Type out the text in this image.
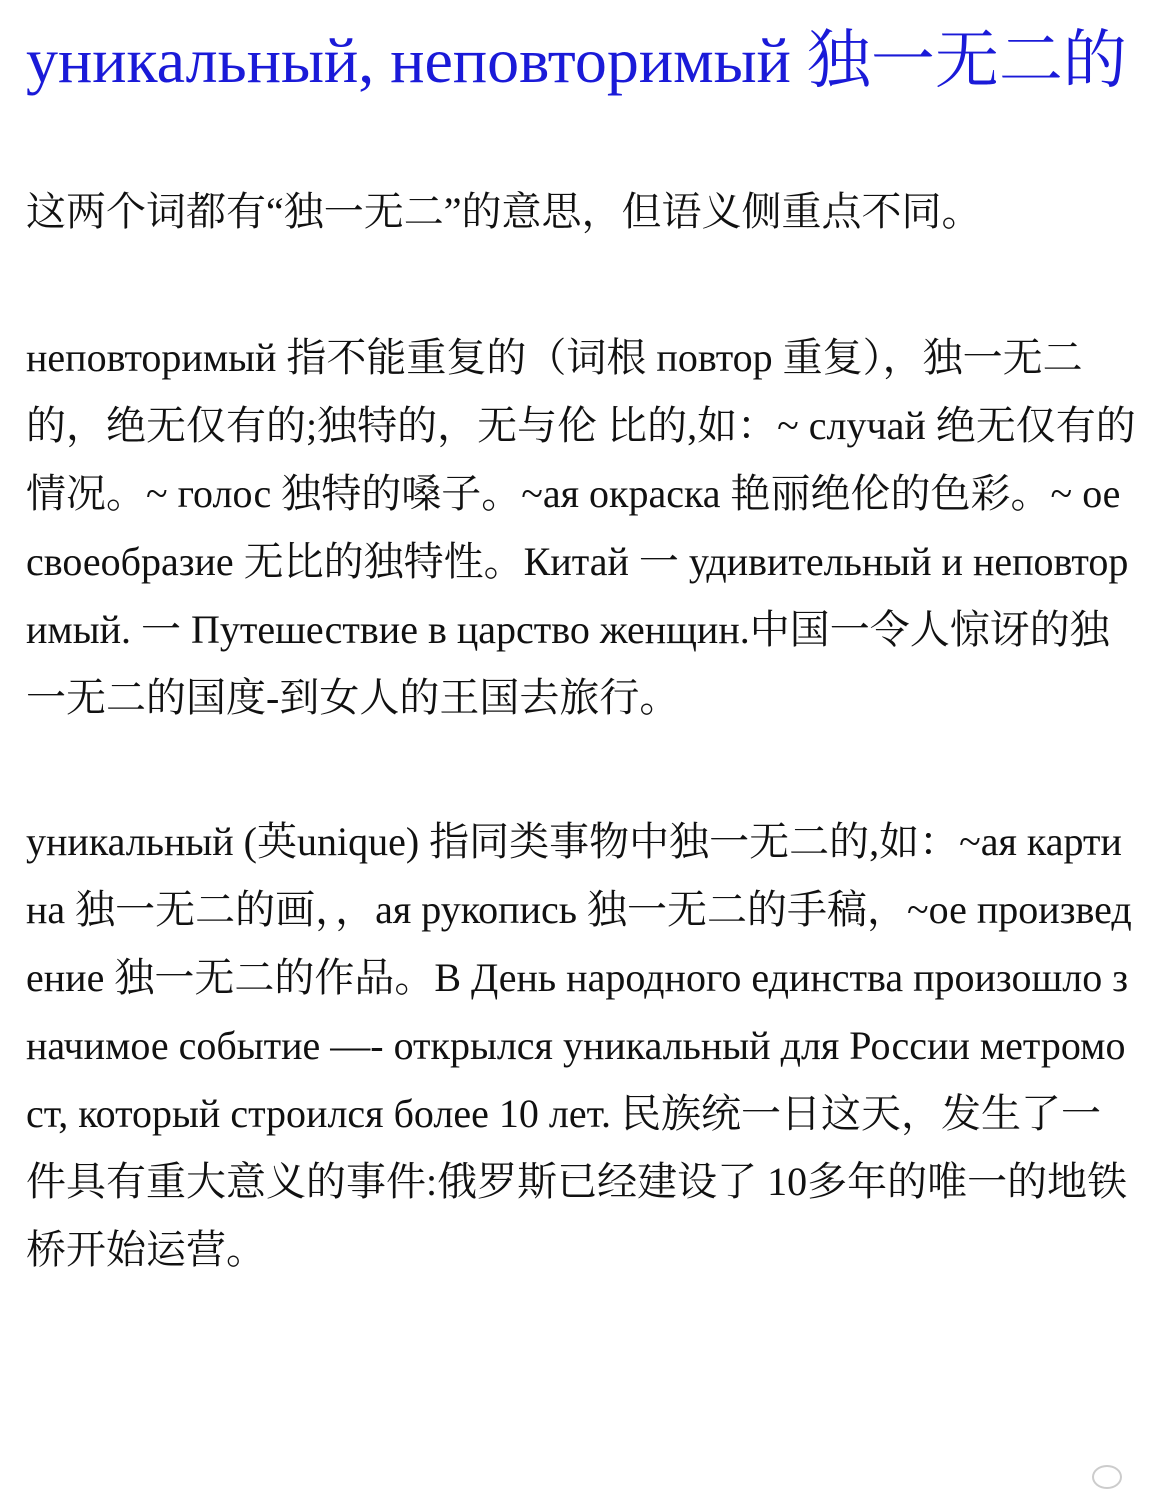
уникальный, неповторимый 独一无二的

这两个词都有“独一无二”的意思，但语义侧重点不同。

неповторимый 指不能重复的（词根 повтор 重复），独一无二的，绝无仅有的;独特的，无与伦 比的,如：~ случай 绝无仅有的情况。~ голос 独特的嗓子。~ая окраска 艳丽绝伦的色彩。~ ое своеобразие 无比的独特性。Китай 一 удивительный и неповторимый. 一 Путешествие в царство женщин.中国一令人惊讶的独一无二的国度-到女人的王国去旅行。

уникальный (英unique) 指同类事物中独一无二的,如：~ая картина 独一无二的画，，ая рукопись 独一无二的手稿，~ое произведение 独一无二的作品。В День народного единства произошло значимое событие —- открылся уникальный для России метромост, который строился более 10 лет. 民族统一日这天，发生了一件具有重大意义的事件:俄罗斯已经建设了 10多年的唯一的地铁桥开始运营。
